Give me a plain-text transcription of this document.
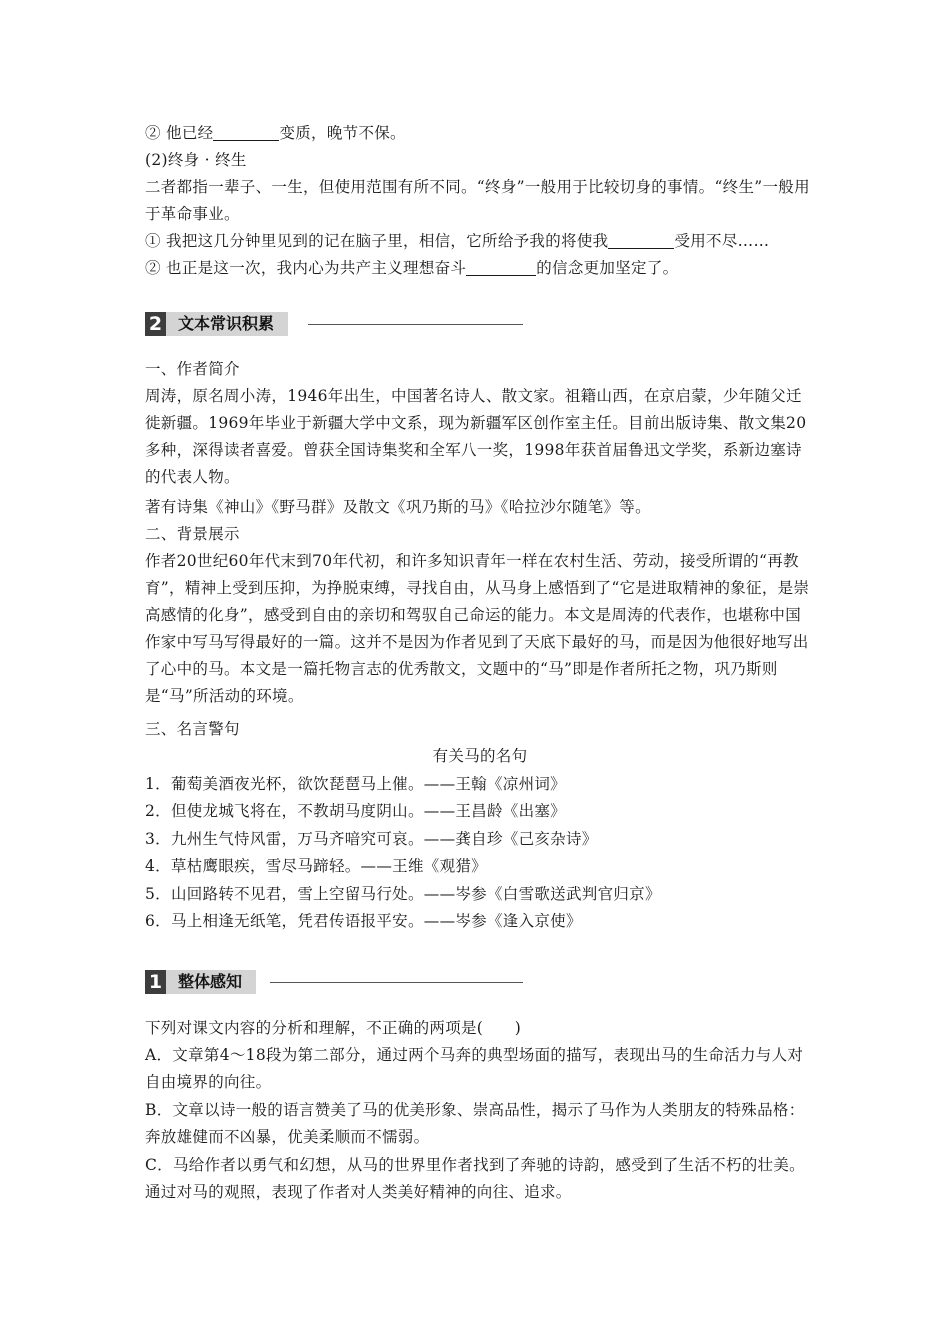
② 他已经	变质，晚节不保。
(2)终身 · 终生
二者都指一辈子、一生，但使用范围有所不同。“终身”一般用于比较切身的事情。“终生”一般用于革命事业。
① 我把这几分钟里见到的记在脑子里，相信，它所给予我的将使我	受用不尽……
② 也正是这一次，我内心为共产主义理想奋斗	的信念更加坚定了。
2 文本常识积累
一、作者简介
周涛，原名周小涛，1946年出生，中国著名诗人、散文家。祖籍山西，在京启蒙，少年随父迁徙新疆。1969年毕业于新疆大学中文系，现为新疆军区创作室主任。目前出版诗集、散文集20多种，深得读者喜爱。曾获全国诗集奖和全军八一奖，1998年获首届鲁迅文学奖，系新边塞诗的代表人物。
著有诗集《神山》《野马群》及散文《巩乃斯的马》《哈拉沙尔随笔》等。
二、背景展示
作者20世纪60年代末到70年代初，和许多知识青年一样在农村生活、劳动，接受所谓的“再教育”，精神上受到压抑，为挣脱束缚，寻找自由，从马身上感悟到了“它是进取精神的象征，是崇高感情的化身”，感受到自由的亲切和驾驭自己命运的能力。本文是周涛的代表作，也堪称中国作家中写马写得最好的一篇。这并不是因为作者见到了天底下最好的马，而是因为他很好地写出了心中的马。本文是一篇托物言志的优秀散文，文题中的“马”即是作者所托之物，巩乃斯则是“马”所活动的环境。
三、名言警句
有关马的名句
1．葡萄美酒夜光杯，欲饮琵琶马上催。——王翰《凉州词》
2．但使龙城飞将在，不教胡马度阴山。——王昌龄《出塞》
3．九州生气恃风雷，万马齐喑究可哀。——龚自珍《己亥杂诗》
4．草枯鹰眼疾，雪尽马蹄轻。——王维《观猎》
5．山回路转不见君，雪上空留马行处。——岑参《白雪歌送武判官归京》
6．马上相逢无纸笔，凭君传语报平安。——岑参《逢入京使》
1 整体感知
下列对课文内容的分析和理解，不正确的两项是(　　)
A．文章第4～18段为第二部分，通过两个马奔的典型场面的描写，表现出马的生命活力与人对自由境界的向往。
B．文章以诗一般的语言赞美了马的优美形象、崇高品性，揭示了马作为人类朋友的特殊品格：奔放雄健而不凶暴，优美柔顺而不懦弱。
C．马给作者以勇气和幻想，从马的世界里作者找到了奔驰的诗韵，感受到了生活不朽的壮美。通过对马的观照，表现了作者对人类美好精神的向往、追求。
